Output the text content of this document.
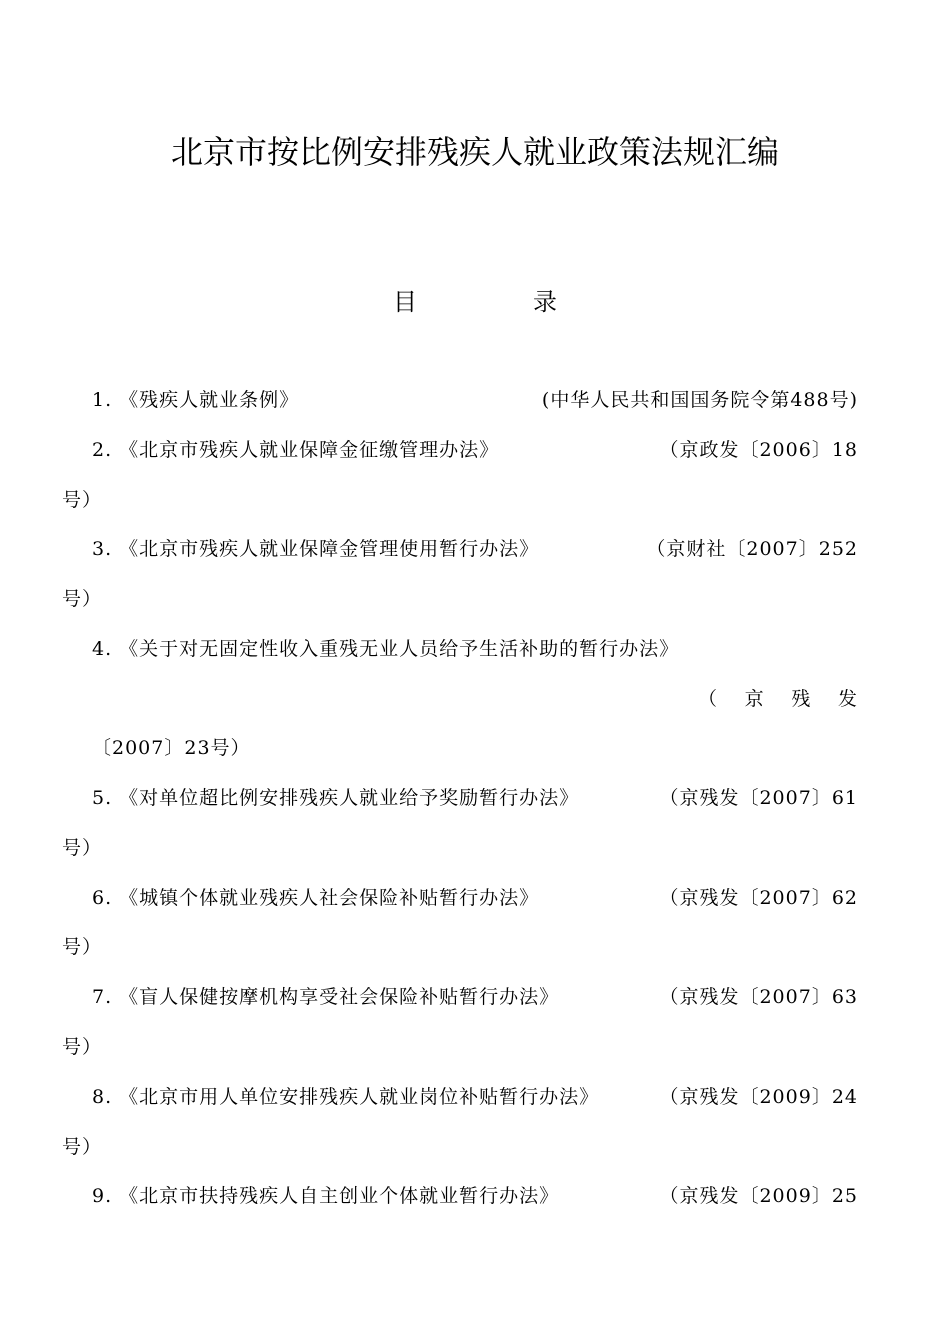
北京市按比例安排残疾人就业政策法规汇编
目	录
1. 《残疾人就业条例》	(中华人民共和国国务院令第488号)
2. 《北京市残疾人就业保障金征缴管理办法》	（京政发〔2006〕18
号）
3. 《北京市残疾人就业保障金管理使用暂行办法》	（京财社〔2007〕252
号）
4. 《关于对无固定性收入重残无业人员给予生活补助的暂行办法》
（ 京 残 发
〔2007〕23号）
5. 《对单位超比例安排残疾人就业给予奖励暂行办法》	（京残发〔2007〕61
号）
6. 《城镇个体就业残疾人社会保险补贴暂行办法》	（京残发〔2007〕62
号）
7. 《盲人保健按摩机构享受社会保险补贴暂行办法》	（京残发〔2007〕63
号）
8. 《北京市用人单位安排残疾人就业岗位补贴暂行办法》	（京残发〔2009〕24
号）
9. 《北京市扶持残疾人自主创业个体就业暂行办法》	（京残发〔2009〕25
